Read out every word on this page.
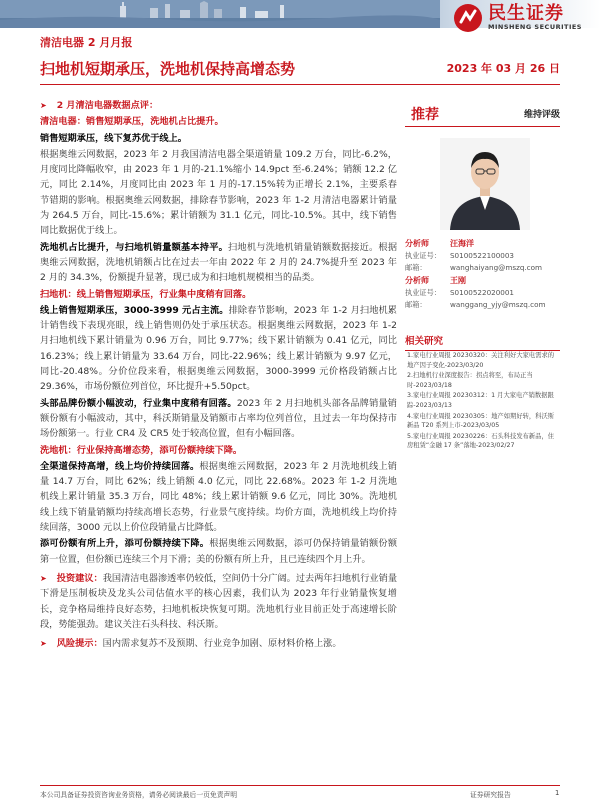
民生证券
MINSHENG SECURITIES
清洁电器 2 月月报
扫地机短期承压，洗地机保持高增态势	2023 年 03 月 26 日

➤ 2 月清洁电器数据点评：

清洁电器：销售短期承压，洗地机占比提升。

销售短期承压，线下复苏优于线上。

根据奥维云网数据，2023 年 2 月我国清洁电器全渠道销量 109.2 万台，同比-6.2%，月度同比降幅收窄，由 2023 年 1 月的-21.1%缩小 14.9pct 至-6.24%；销额 12.2 亿元，同比 2.14%，月度同比由 2023 年 1 月的-17.15%转为正增长 2.1%，主要系春节错期的影响。根据奥维云网数据，排除春节影响，2023 年 1-2 月清洁电器累计销量为 264.5 万台，同比-15.6%；累计销额为 31.1 亿元，同比-10.5%。其中，线下销售同比数据优于线上。

洗地机占比提升，与扫地机销量额基本持平。扫地机与洗地机销量销额数据接近。根据奥维云网数据，洗地机销额占比在过去一年由 2022 年 2 月的 24.7%提升至 2023 年 2 月的 34.3%，份额提升显著，现已成为和扫地机规模相当的品类。

扫地机：线上销售短期承压，行业集中度稍有回落。

线上销售短期承压，3000-3999 元占主流。排除春节影响，2023 年 1-2 月扫地机累计销售线下表现亮眼，线上销售则仍处于承压状态。根据奥维云网数据，2023 年 1-2 月扫地机线下累计销量为 0.96 万台，同比 9.77%；线下累计销额为 0.41 亿元，同比 16.23%；线上累计销量为 33.64 万台，同比-22.96%；线上累计销额为 9.97 亿元，同比-20.48%。分价位段来看，根据奥维云网数据，3000-3999 元价格段销额占比 29.36%，市场份额位列首位，环比提升+5.50pct。

头部品牌份额小幅波动，行业集中度稍有回落。2023 年 2 月扫地机头部各品牌销量销额份额有小幅波动，其中，科沃斯销量及销额市占率均位列首位，且过去一年均保持市场份额第一。行业 CR4 及 CR5 处于较高位置，但有小幅回落。

洗地机：行业保持高增态势，添可份额持续下降。

全渠道保持高增，线上均价持续回落。根据奥维云网数据，2023 年 2 月洗地机线上销量 14.7 万台，同比 62%；线上销额 4.0 亿元，同比 22.68%。2023 年 1-2 月洗地机线上累计销量 35.3 万台，同比 48%；线上累计销额 9.6 亿元，同比 30%。洗地机线上线下销量销额均持续高增长态势，行业景气度持续。均价方面，洗地机线上均价持续回落，3000 元以上价位段销量占比降低。

添可份额有所上升，添可份额持续下降。根据奥维云网数据，添可仍保持销量销额份额第一位置，但份额已连续三个月下滑；美的份额有所上升，且已连续四个月上升。

➤ 投资建议：我国清洁电器渗透率仍较低，空间仍十分广阔。过去两年扫地机行业销量下滑是压制板块及龙头公司估值水平的核心因素，我们认为 2023 年行业销量恢复增长，竞争格局维持良好态势，扫地机板块恢复可期。洗地机行业目前正处于高速增长阶段，势能强劲。建议关注石头科技、科沃斯。

➤ 风险提示：国内需求复苏不及预期、行业竞争加剧、原材料价格上涨。

推荐	维持评级
分析师	汪海洋
执业证号：	S0100522100003
邮箱：	wanghaiyang@mszq.com
分析师	王刚
执业证号：	S0100522020001
邮箱：	wanggang_yjy@mszq.com
相关研究
1.家电行业周报 20230320：关注利好大家电需求的地产因子变化-2023/03/20
2.扫地机行业深度报告：拐点将至，布局正当时-2023/03/18
3.家电行业周报 20230312：1 月大家电产销数据跟踪-2023/03/13
4.家电行业周报 20230305：地产如期好转，科沃斯新品 T20 系列上市-2023/03/05
5.家电行业周报 20230226：石头科技发布新品，住房租赁“金融 17 条”落地-2023/02/27
本公司具备证券投资咨询业务资格，请务必阅读最后一页免责声明	证券研究报告	1
